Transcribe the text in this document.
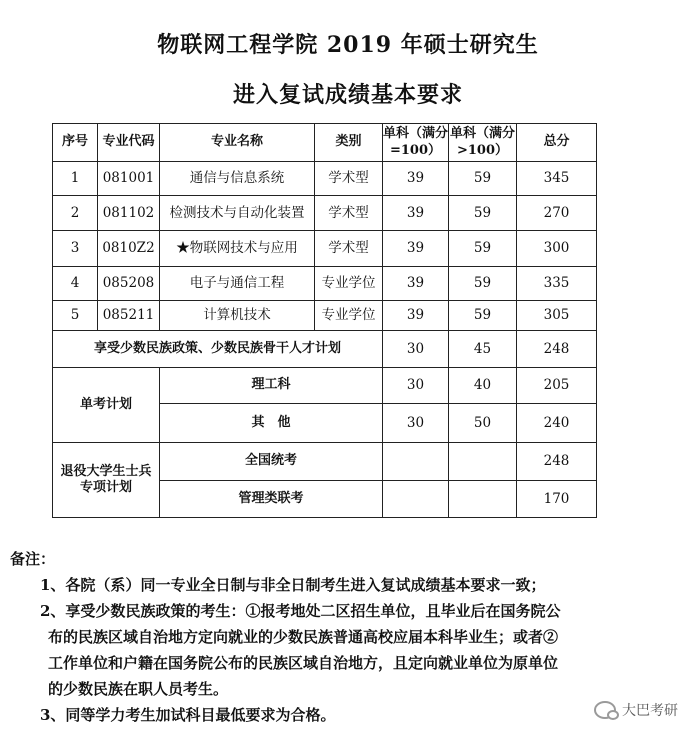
物联网工程学院 2019 年硕士研究生
进入复试成绩基本要求
序号	专业代码	专业名称	类别	单科（满分=100）	单科（满分>100）	总分
1	081001	通信与信息系统	学术型	39	59	345
2	081102	检测技术与自动化装置	学术型	39	59	270
3	0810Z2	★物联网技术与应用	学术型	39	59	300
4	085208	电子与通信工程	专业学位	39	59	335
5	085211	计算机技术	专业学位	39	59	305
享受少数民族政策、少数民族骨干人才计划				30	45	248
单考计划		理工科		30	40	205
		其　他		30	50	240

退役大学生士兵
专项计划		全国统考				248
		管理类联考				170
备注：
1、各院（系）同一专业全日制与非全日制考生进入复试成绩基本要求一致；
2、享受少数民族政策的考生：①报考地处二区招生单位，且毕业后在国务院公
布的民族区域自治地方定向就业的少数民族普通高校应届本科毕业生；或者②
工作单位和户籍在国务院公布的民族区域自治地方，且定向就业单位为原单位
的少数民族在职人员考生。
3、同等学力考生加试科目最低要求为合格。	大巴考研
